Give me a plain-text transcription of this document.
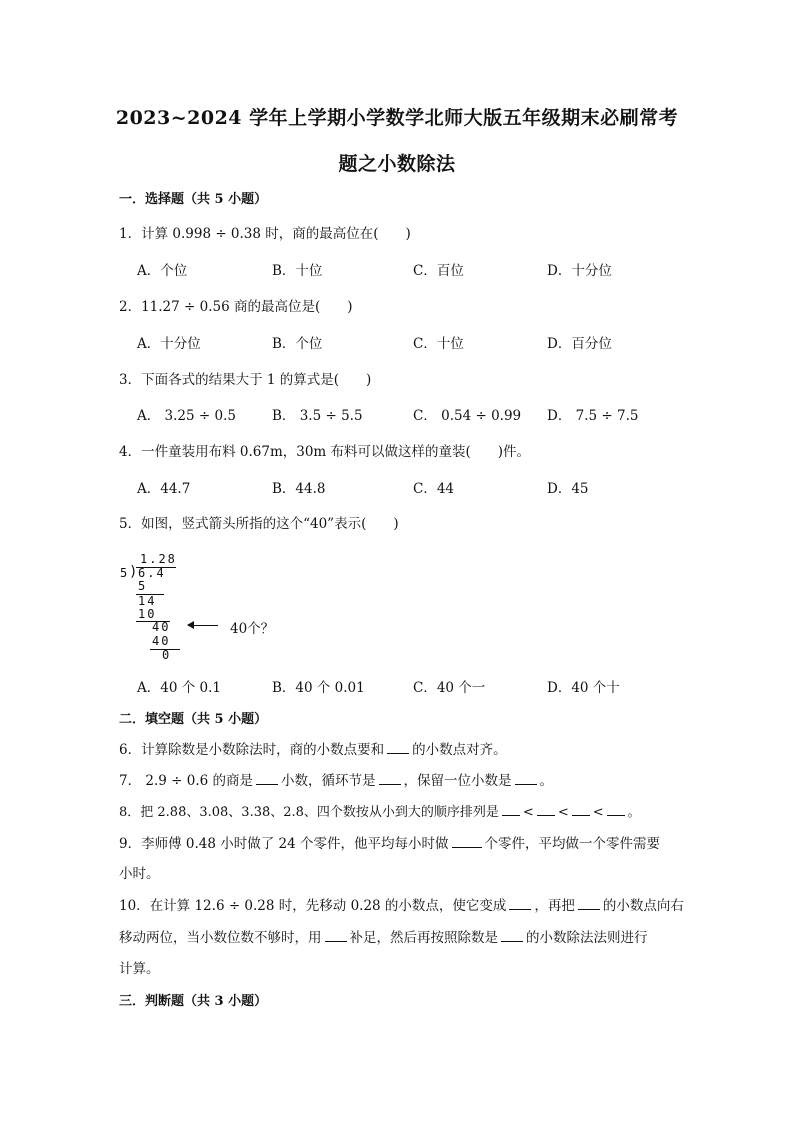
2023~2024 学年上学期小学数学北师大版五年级期末必刷常考
题之小数除法
一．选择题（共 5 小题）
1．计算 0.998 ÷ 0.38 时，商的最高位在(　　)
A．个位	B．十位	C．百位	D．十分位
2．11.27 ÷ 0.56 商的最高位是(　　)
A．十分位	B．个位	C．十位	D．百分位
3．下面各式的结果大于 1 的算式是(　　)
A． 3.25 ÷ 0.5	B． 3.5 ÷ 5.5	C． 0.54 ÷ 0.99 D． 7.5 ÷ 7.5
4．一件童装用布料 0.67m，30m 布料可以做这样的童装(　　)件。
A．44.7	B．44.8	C．44	D．45
5．如图，竖式箭头所指的这个“40”表示(　　)
1.28
5 )
6.4
5
14
10
40
40
0
40个？
A．40 个 0.1	B．40 个 0.01	C．40 个一	D．40 个十
二．填空题（共 5 小题）
6．计算除数是小数除法时，商的小数点要和 的小数点对齐。
7． 2.9 ÷ 0.6 的商是 小数，循环节是 ，保留一位小数是 。
8．把 2.8̇8̇、3.0̇8̇、3.3̇8̇、2.8̇、四个数按从小到大的顺序排列是 < < < 。
9．李师傅 0.48 小时做了 24 个零件，他平均每小时做	个零件，平均做一个零件需要
小时。
10．在计算 12.6 ÷ 0.28 时，先移动 0.28 的小数点，使它变成 ，再把 的小数点向右
移动两位，当小数位数不够时，用 补足，然后再按照除数是 的小数除法法则进行
计算。
三．判断题（共 3 小题）
